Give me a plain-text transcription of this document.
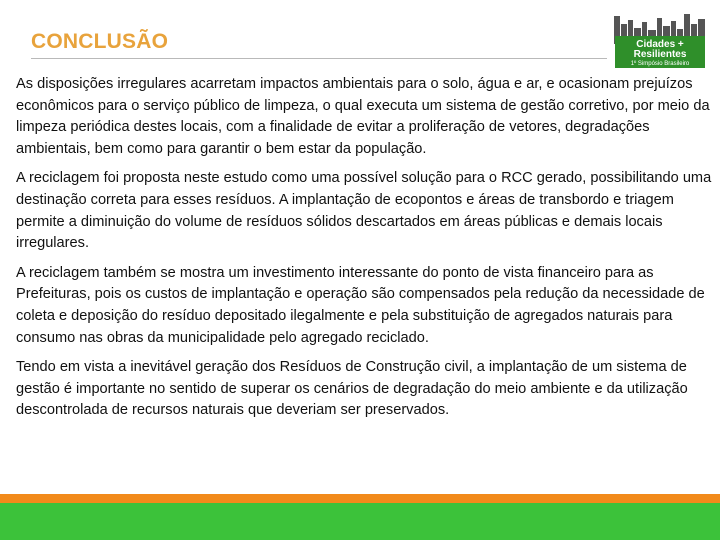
CONCLUSÃO	Cidades +
Resilientes
1º Simpósio Brasileiro

As disposições irregulares acarretam impactos ambientais para o solo, água e ar, e ocasionam prejuízos econômicos para o serviço público de limpeza, o qual executa um sistema de gestão corretivo, por meio da limpeza periódica destes locais, com a finalidade de evitar a proliferação de vetores, degradações ambientais, bem como para garantir o bem estar da população.

A reciclagem foi proposta neste estudo como uma possível solução para o RCC gerado, possibilitando uma destinação correta para esses resíduos. A implantação de ecopontos e áreas de transbordo e triagem permite a diminuição do volume de resíduos sólidos descartados em áreas públicas e demais locais irregulares.

A reciclagem também se mostra um investimento interessante do ponto de vista financeiro para as Prefeituras, pois os custos de implantação e operação são compensados pela redução da necessidade de coleta e deposição do resíduo depositado ilegalmente e pela substituição de agregados naturais para consumo nas obras da municipalidade pelo agregado reciclado.

Tendo em vista a inevitável geração dos Resíduos de Construção civil, a implantação de um sistema de gestão é importante no sentido de superar os cenários de degradação do meio ambiente e da utilização descontrolada de recursos naturais que deveriam ser preservados.
